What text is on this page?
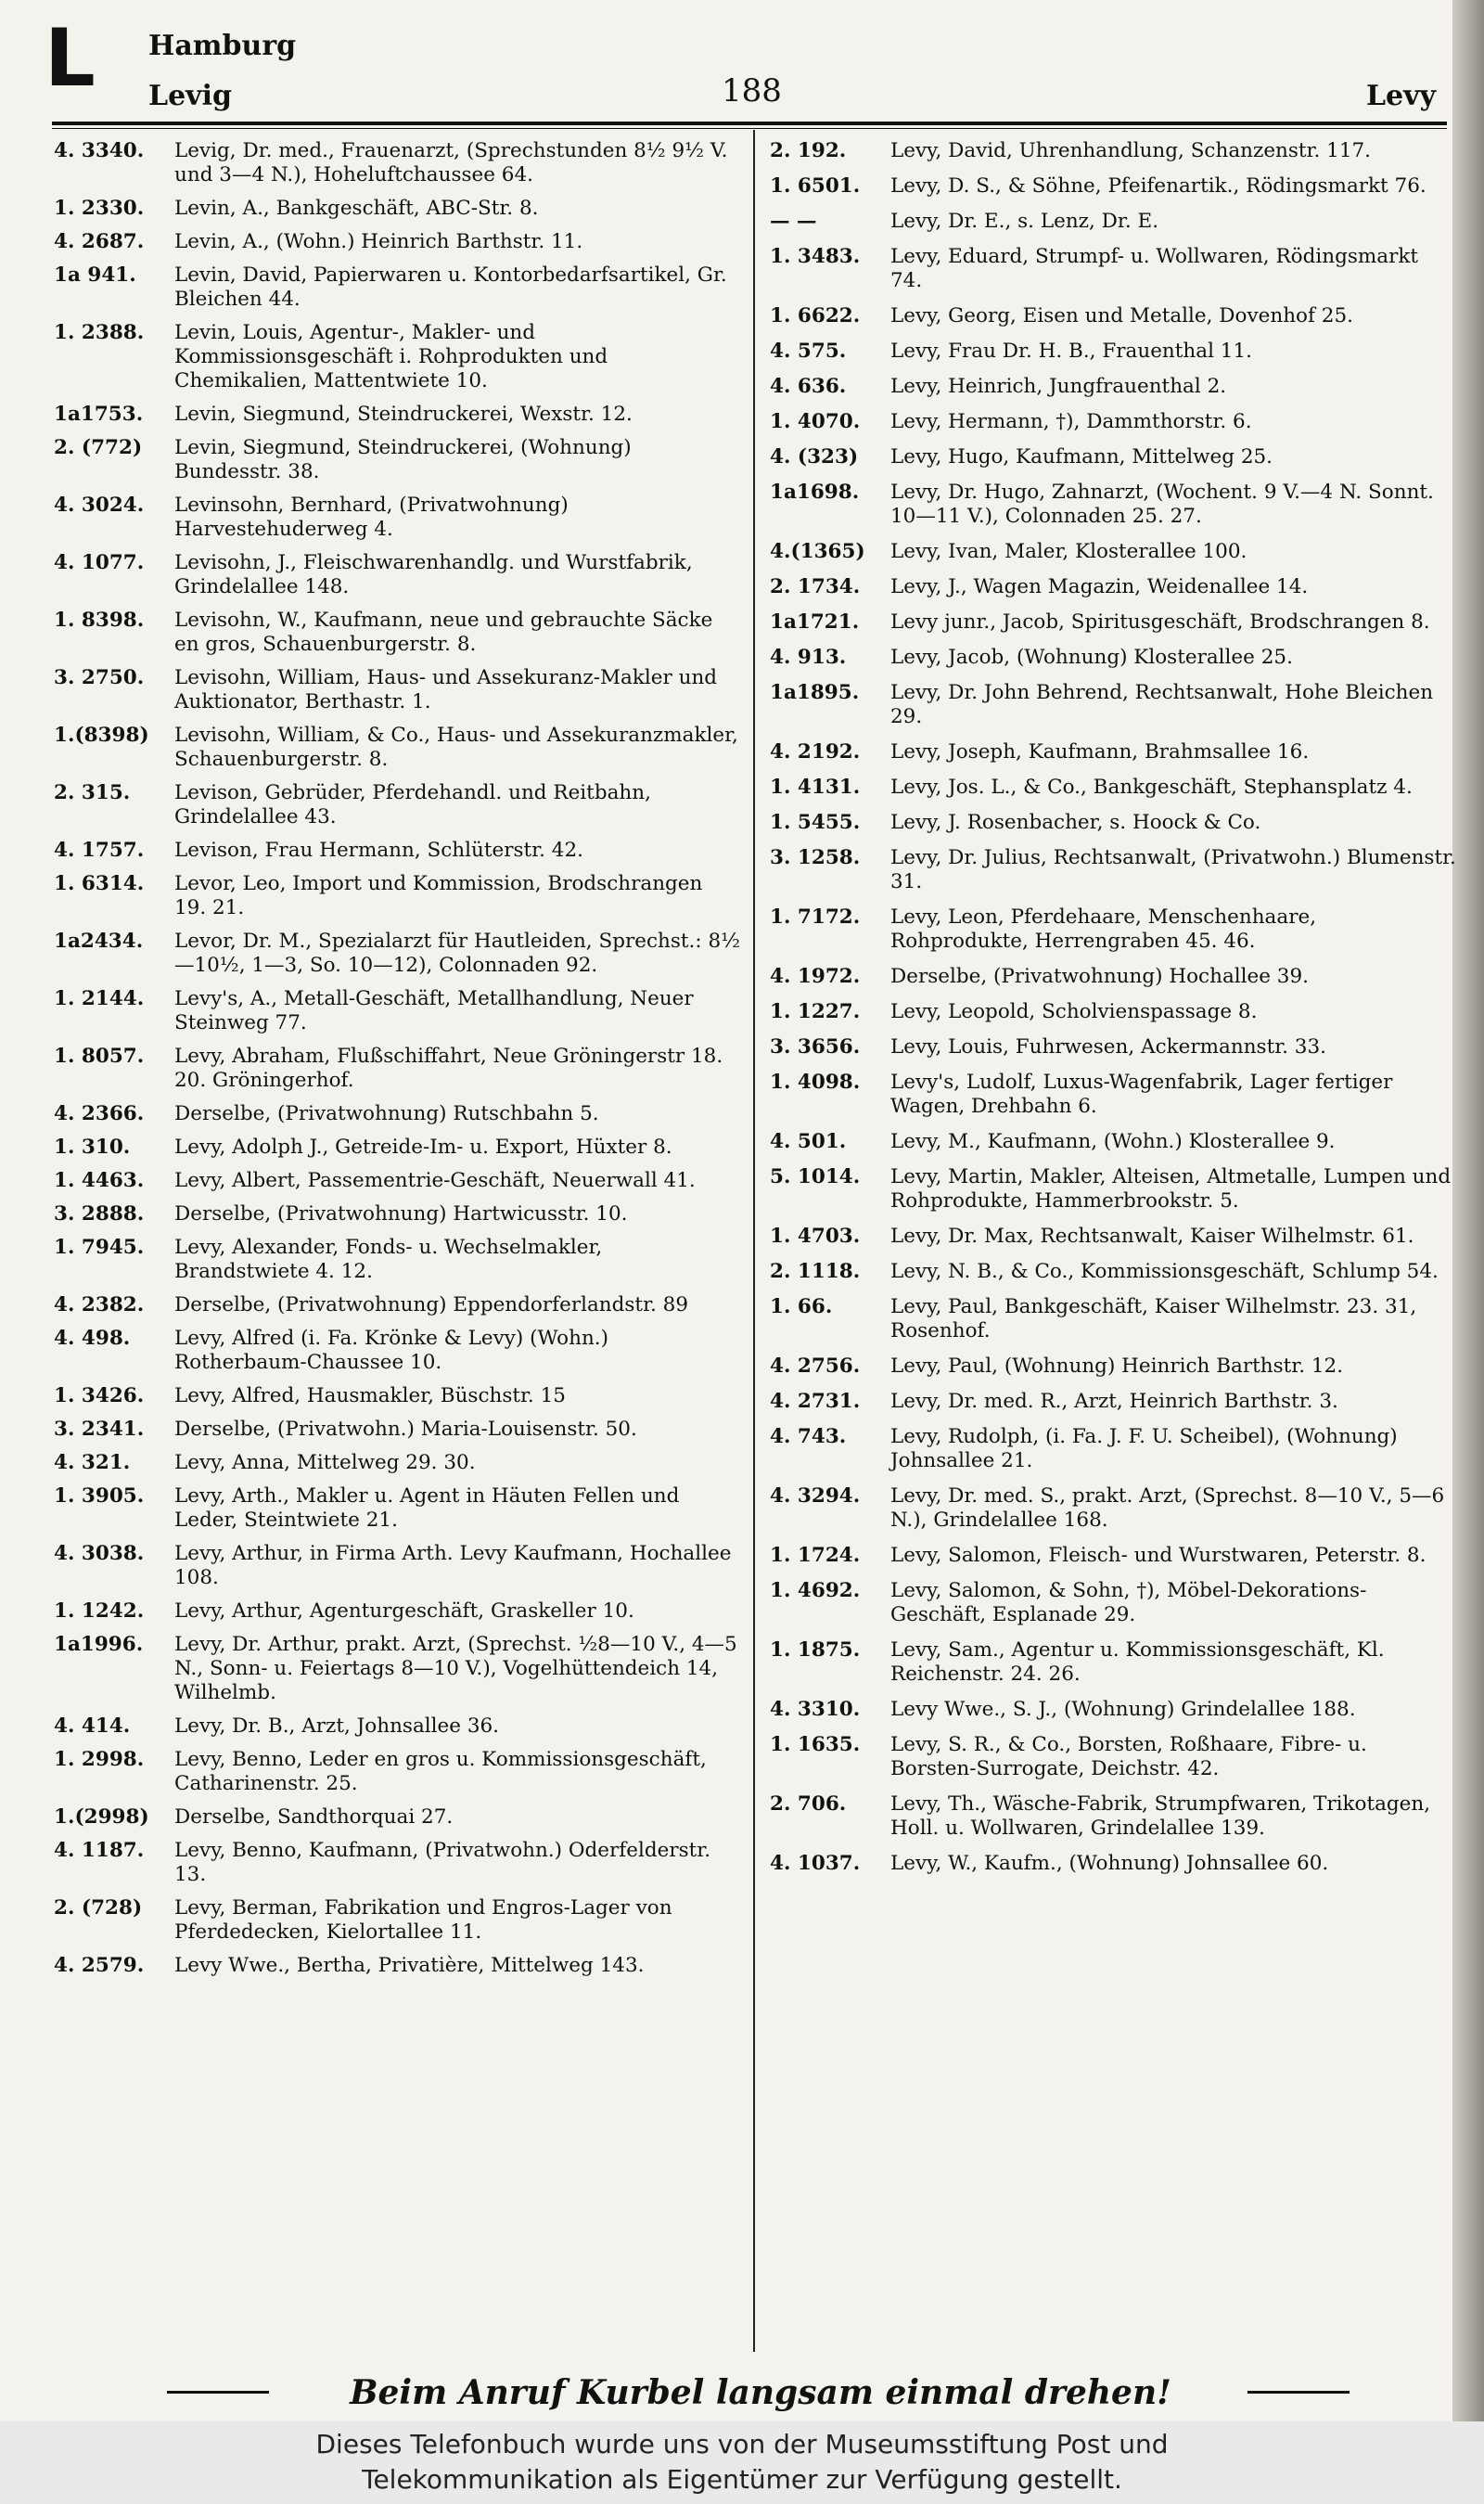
L Hamburg
Levig	188	Levy
4. 3340.	Levig, Dr. med., Frauenarzt, (Sprechstunden 8½ 9½ V. und 3—4 N.), Hoheluftchaussee 64.
1. 2330.	Levin, A., Bankgeschäft, ABC-Str. 8.
4. 2687.	Levin, A., (Wohn.) Heinrich Barthstr. 11.
1a 941.	Levin, David, Papierwaren u. Kontorbedarfsartikel, Gr. Bleichen 44.
1. 2388.	Levin, Louis, Agentur-, Makler- und Kommissionsgeschäft i. Rohprodukten und Chemikalien, Mattentwiete 10.
1a1753.	Levin, Siegmund, Steindruckerei, Wexstr. 12.
2. (772)	Levin, Siegmund, Steindruckerei, (Wohnung) Bundesstr. 38.
4. 3024.	Levinsohn, Bernhard, (Privatwohnung) Harvestehuderweg 4.
4. 1077.	Levisohn, J., Fleischwarenhandlg. und Wurstfabrik, Grindelallee 148.
1. 8398.	Levisohn, W., Kaufmann, neue und gebrauchte Säcke en gros, Schauenburgerstr. 8.
3. 2750.	Levisohn, William, Haus- und Assekuranz-Makler und Auktionator, Berthastr. 1.
1.(8398)	Levisohn, William, & Co., Haus- und Assekuranzmakler, Schauenburgerstr. 8.
2. 315.	Levison, Gebrüder, Pferdehandl. und Reitbahn, Grindelallee 43.
4. 1757.	Levison, Frau Hermann, Schlüterstr. 42.
1. 6314.	Levor, Leo, Import und Kommission, Brodschrangen 19. 21.
1a2434.	Levor, Dr. M., Spezialarzt für Hautleiden, Sprechst.: 8½—10½, 1—3, So. 10—12), Colonnaden 92.
1. 2144.	Levy's, A., Metall-Geschäft, Metallhandlung, Neuer Steinweg 77.
1. 8057.	Levy, Abraham, Flußschiffahrt, Neue Gröningerstr 18. 20. Gröningerhof.
4. 2366.	Derselbe, (Privatwohnung) Rutschbahn 5.
1. 310.	Levy, Adolph J., Getreide-Im- u. Export, Hüxter 8.
1. 4463.	Levy, Albert, Passementrie-Geschäft, Neuerwall 41.
3. 2888.	Derselbe, (Privatwohnung) Hartwicusstr. 10.
1. 7945.	Levy, Alexander, Fonds- u. Wechselmakler, Brandstwiete 4. 12.
4. 2382.	Derselbe, (Privatwohnung) Eppendorferlandstr. 89
4. 498.	Levy, Alfred (i. Fa. Krönke & Levy) (Wohn.) Rotherbaum-Chaussee 10.
1. 3426.	Levy, Alfred, Hausmakler, Büschstr. 15
3. 2341.	Derselbe, (Privatwohn.) Maria-Louisenstr. 50.
4. 321.	Levy, Anna, Mittelweg 29. 30.
1. 3905.	Levy, Arth., Makler u. Agent in Häuten Fellen und Leder, Steintwiete 21.
4. 3038.	Levy, Arthur, in Firma Arth. Levy Kaufmann, Hochallee 108.
1. 1242.	Levy, Arthur, Agenturgeschäft, Graskeller 10.
1a1996.	Levy, Dr. Arthur, prakt. Arzt, (Sprechst. ½8—10 V., 4—5 N., Sonn- u. Feiertags 8—10 V.), Vogelhüttendeich 14, Wilhelmb.
4. 414.	Levy, Dr. B., Arzt, Johnsallee 36.
1. 2998.	Levy, Benno, Leder en gros u. Kommissionsgeschäft, Catharinenstr. 25.
1.(2998)	Derselbe, Sandthorquai 27.
4. 1187.	Levy, Benno, Kaufmann, (Privatwohn.) Oderfelderstr. 13.
2. (728)	Levy, Berman, Fabrikation und Engros-Lager von Pferdedecken, Kielortallee 11.
4. 2579.	Levy Wwe., Bertha, Privatière, Mittelweg 143.
2. 192.	Levy, David, Uhrenhandlung, Schanzenstr. 117.
1. 6501.	Levy, D. S., & Söhne, Pfeifenartik., Rödingsmarkt 76.
— —	Levy, Dr. E., s. Lenz, Dr. E.
1. 3483.	Levy, Eduard, Strumpf- u. Wollwaren, Rödingsmarkt 74.
1. 6622.	Levy, Georg, Eisen und Metalle, Dovenhof 25.
4. 575.	Levy, Frau Dr. H. B., Frauenthal 11.
4. 636.	Levy, Heinrich, Jungfrauenthal 2.
1. 4070.	Levy, Hermann, †), Dammthorstr. 6.
4. (323)	Levy, Hugo, Kaufmann, Mittelweg 25.
1a1698.	Levy, Dr. Hugo, Zahnarzt, (Wochent. 9 V.—4 N. Sonnt. 10—11 V.), Colonnaden 25. 27.
4.(1365)	Levy, Ivan, Maler, Klosterallee 100.
2. 1734.	Levy, J., Wagen Magazin, Weidenallee 14.
1a1721.	Levy junr., Jacob, Spiritusgeschäft, Brodschrangen 8.
4. 913.	Levy, Jacob, (Wohnung) Klosterallee 25.
1a1895.	Levy, Dr. John Behrend, Rechtsanwalt, Hohe Bleichen 29.
4. 2192.	Levy, Joseph, Kaufmann, Brahmsallee 16.
1. 4131.	Levy, Jos. L., & Co., Bankgeschäft, Stephansplatz 4.
1. 5455.	Levy, J. Rosenbacher, s. Hoock & Co.
3. 1258.	Levy, Dr. Julius, Rechtsanwalt, (Privatwohn.) Blumenstr. 31.
1. 7172.	Levy, Leon, Pferdehaare, Menschenhaare, Rohprodukte, Herrengraben 45. 46.
4. 1972.	Derselbe, (Privatwohnung) Hochallee 39.
1. 1227.	Levy, Leopold, Scholvienspassage 8.
3. 3656.	Levy, Louis, Fuhrwesen, Ackermannstr. 33.
1. 4098.	Levy's, Ludolf, Luxus-Wagenfabrik, Lager fertiger Wagen, Drehbahn 6.
4. 501.	Levy, M., Kaufmann, (Wohn.) Klosterallee 9.
5. 1014.	Levy, Martin, Makler, Alteisen, Altmetalle, Lumpen und Rohprodukte, Hammerbrookstr. 5.
1. 4703.	Levy, Dr. Max, Rechtsanwalt, Kaiser Wilhelmstr. 61.
2. 1118.	Levy, N. B., & Co., Kommissionsgeschäft, Schlump 54.
1. 66.	Levy, Paul, Bankgeschäft, Kaiser Wilhelmstr. 23. 31, Rosenhof.
4. 2756.	Levy, Paul, (Wohnung) Heinrich Barthstr. 12.
4. 2731.	Levy, Dr. med. R., Arzt, Heinrich Barthstr. 3.
4. 743.	Levy, Rudolph, (i. Fa. J. F. U. Scheibel), (Wohnung) Johnsallee 21.
4. 3294.	Levy, Dr. med. S., prakt. Arzt, (Sprechst. 8—10 V., 5—6 N.), Grindelallee 168.
1. 1724.	Levy, Salomon, Fleisch- und Wurstwaren, Peterstr. 8.
1. 4692.	Levy, Salomon, & Sohn, †), Möbel-Dekorations-Geschäft, Esplanade 29.
1. 1875.	Levy, Sam., Agentur u. Kommissionsgeschäft, Kl. Reichenstr. 24. 26.
4. 3310.	Levy Wwe., S. J., (Wohnung) Grindelallee 188.
1. 1635.	Levy, S. R., & Co., Borsten, Roßhaare, Fibre- u. Borsten-Surrogate, Deichstr. 42.
2. 706.	Levy, Th., Wäsche-Fabrik, Strumpfwaren, Trikotagen, Holl. u. Wollwaren, Grindelallee 139.
4. 1037.	Levy, W., Kaufm., (Wohnung) Johnsallee 60.
Beim Anruf Kurbel langsam einmal drehen!
Dieses Telefonbuch wurde uns von der Museumsstiftung Post und
Telekommunikation als Eigentümer zur Verfügung gestellt.
